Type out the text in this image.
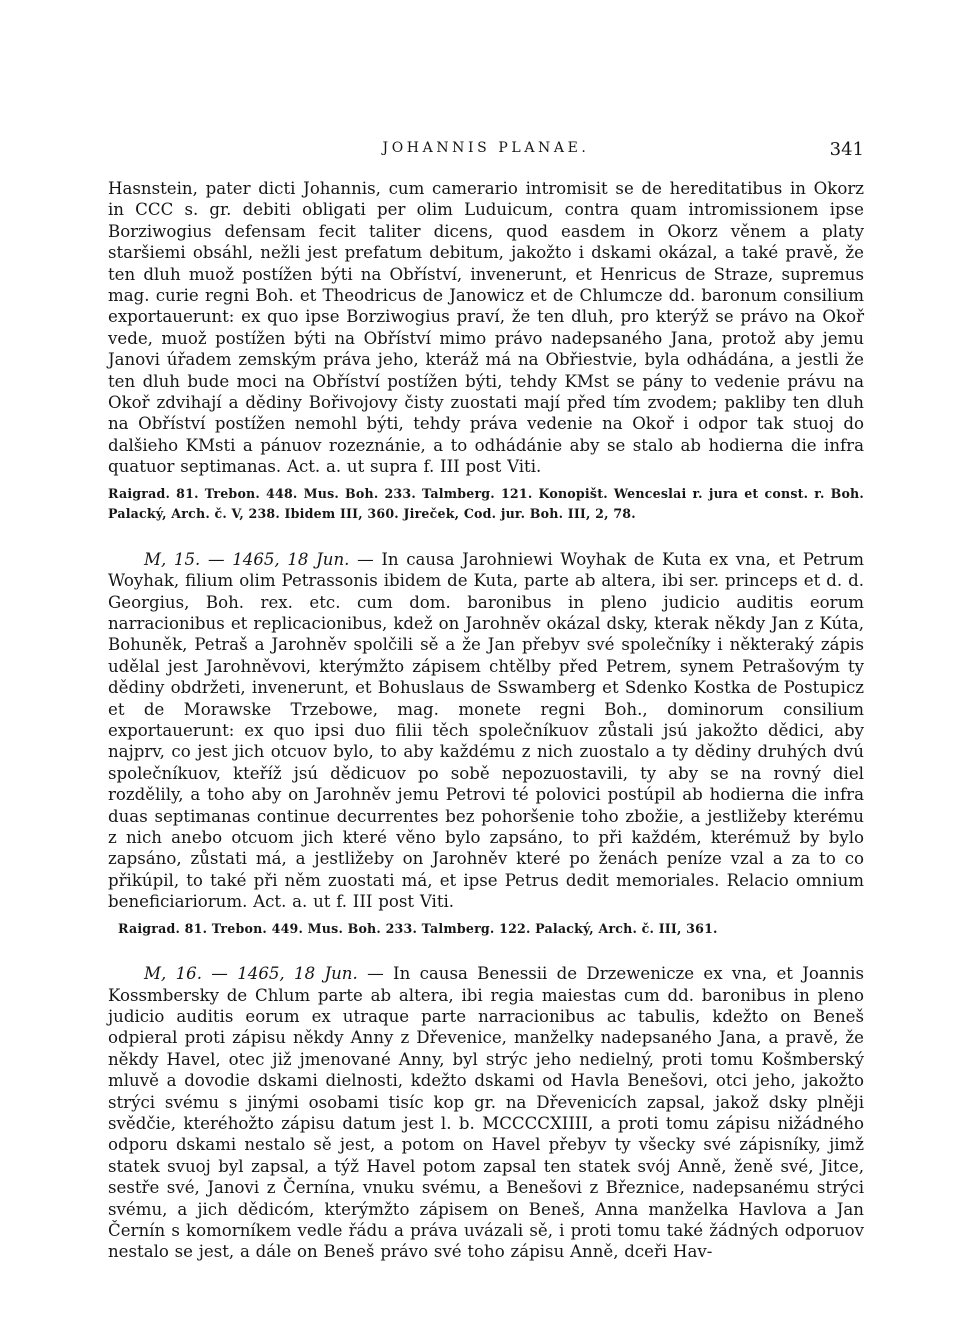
JOHANNIS PLANAE.	341

Hasnstein, pater dicti Johannis, cum camerario intromisit se de hereditatibus in Okorz in CCC s. gr. debiti obligati per olim Luduicum, contra quam intromissionem ipse Borziwogius defensam fecit taliter dicens, quod easdem in Okorz věnem a platy staršiemi obsáhl, nežli jest prefatum debitum, jakožto i dskami okázal, a také pravě, že ten dluh muož postížen býti na Obříství, invenerunt, et Henricus de Straze, supremus mag. curie regni Boh. et Theodricus de Janowicz et de Chlumcze dd. baronum consilium exportauerunt: ex quo ipse Borziwogius praví, že ten dluh, pro kterýž se právo na Okoř vede, muož postížen býti na Obříství mimo právo nadepsaného Jana, protož aby jemu Janovi úřadem zemským práva jeho, kteráž má na Obřiestvie, byla odhádána, a jestli že ten dluh bude moci na Obříství postížen býti, tehdy KMst se pány to vedenie právu na Okoř zdvihají a dědiny Bořivojovy čisty zuostati mají před tím zvodem; pakliby ten dluh na Obříství postížen nemohl býti, tehdy práva vedenie na Okoř i odpor tak stuoj do dalšieho KMsti a pánuov rozeznánie, a to odhádánie aby se stalo ab hodierna die infra quatuor septimanas. Act. a. ut supra f. III post Viti.

Raigrad. 81. Trebon. 448. Mus. Boh. 233. Talmberg. 121. Konopišt. Wenceslai r. jura et const. r. Boh. Palacký, Arch. č. V, 238. Ibidem III, 360. Jireček, Cod. jur. Boh. III, 2, 78.

M, 15. — 1465, 18 Jun. — In causa Jarohniewi Woyhak de Kuta ex vna, et Petrum Woyhak, filium olim Petrassonis ibidem de Kuta, parte ab altera, ibi ser. princeps et d. d. Georgius, Boh. rex. etc. cum dom. baronibus in pleno judicio auditis eorum narracionibus et replicacionibus, kdež on Jarohněv okázal dsky, kterak někdy Jan z Kúta, Bohuněk, Petraš a Jarohněv spolčili sě a že Jan přebyv své společníky i některaký zápis udělal jest Jarohněvovi, kterýmžto zápisem chtělby před Petrem, synem Petrašovým ty dědiny obdržeti, invenerunt, et Bohuslaus de Sswamberg et Sdenko Kostka de Postupicz et de Morawske Trzebowe, mag. monete regni Boh., dominorum consilium exportauerunt: ex quo ipsi duo filii těch společníkuov zůstali jsú jakožto dědici, aby najprv, co jest jich otcuov bylo, to aby každému z nich zuostalo a ty dědiny druhých dvú společníkuov, kteříž jsú dědicuov po sobě nepozuostavili, ty aby se na rovný diel rozdělily, a toho aby on Jarohněv jemu Petrovi té polovici postúpil ab hodierna die infra duas septimanas continue decurrentes bez pohoršenie toho zbožie, a jestližeby kterému z nich anebo otcuom jich které věno bylo zapsáno, to při každém, kterémuž by bylo zapsáno, zůstati má, a jestližeby on Jarohněv které po ženách peníze vzal a za to co přikúpil, to také při něm zuostati má, et ipse Petrus dedit memoriales. Relacio omnium beneficiariorum. Act. a. ut f. III post Viti.

Raigrad. 81. Trebon. 449. Mus. Boh. 233. Talmberg. 122. Palacký, Arch. č. III, 361.

M, 16. — 1465, 18 Jun. — In causa Benessii de Drzewenicze ex vna, et Joannis Kossmbersky de Chlum parte ab altera, ibi regia maiestas cum dd. baronibus in pleno judicio auditis eorum ex utraque parte narracionibus ac tabulis, kdežto on Beneš odpieral proti zápisu někdy Anny z Dřevenice, manželky nadepsaného Jana, a pravě, že někdy Havel, otec již jmenované Anny, byl strýc jeho nedielný, proti tomu Košmberský mluvě a dovodie dskami dielnosti, kdežto dskami od Havla Benešovi, otci jeho, jakožto strýci svému s jinými osobami tisíc kop gr. na Dřevenicích zapsal, jakož dsky plněji svědčie, kteréhožto zápisu datum jest l. b. MCCCCXIIII, a proti tomu zápisu nižádného odporu dskami nestalo sě jest, a potom on Havel přebyv ty všecky své zápisníky, jimž statek svuoj byl zapsal, a týž Havel potom zapsal ten statek svój Anně, ženě své, Jitce, sestře své, Janovi z Černína, vnuku svému, a Benešovi z Březnice, nadepsanému strýci svému, a jich dědicóm, kterýmžto zápisem on Beneš, Anna manželka Havlova a Jan Černín s komorníkem vedle řádu a práva uvázali sě, i proti tomu také žádných odporuov nestalo se jest, a dále on Beneš právo své toho zápisu Anně, dceři Hav-
